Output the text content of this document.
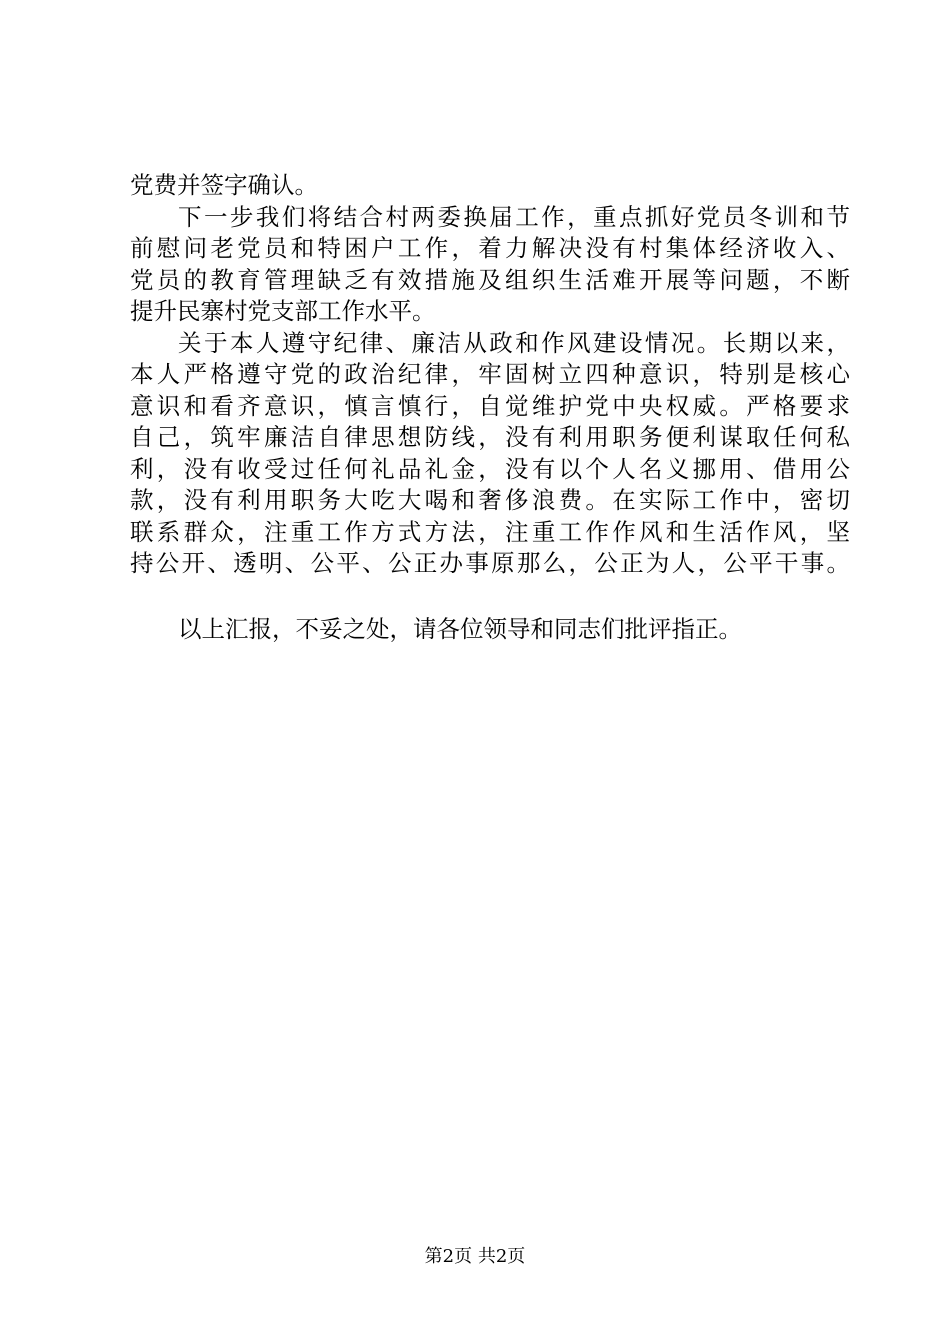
党费并签字确认。
下一步我们将结合村两委换届工作，重点抓好党员冬训和节
前慰问老党员和特困户工作，着力解决没有村集体经济收入、
党员的教育管理缺乏有效措施及组织生活难开展等问题，不断
提升民寨村党支部工作水平。
关于本人遵守纪律、廉洁从政和作风建设情况。长期以来，
本人严格遵守党的政治纪律，牢固树立四种意识，特别是核心
意识和看齐意识，慎言慎行，自觉维护党中央权威。严格要求
自己，筑牢廉洁自律思想防线，没有利用职务便利谋取任何私
利，没有收受过任何礼品礼金，没有以个人名义挪用、借用公
款，没有利用职务大吃大喝和奢侈浪费。在实际工作中，密切
联系群众，注重工作方式方法，注重工作作风和生活作风，坚
持公开、透明、公平、公正办事原那么，公正为人，公平干事。
以上汇报，不妥之处，请各位领导和同志们批评指正。
第2页 共2页
